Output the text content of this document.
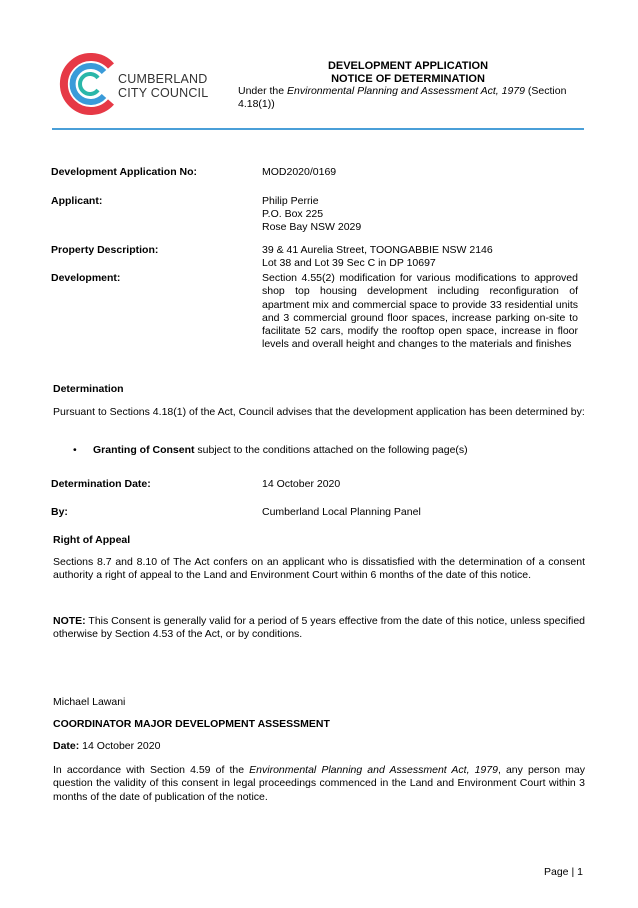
CUMBERLAND
CITY COUNCIL
DEVELOPMENT APPLICATION
NOTICE OF DETERMINATION
Under the Environmental Planning and Assessment Act, 1979 (Section 4.18(1))
Development Application No:	MOD2020/0169
Applicant:	Philip Perrie
P.O. Box 225
Rose Bay NSW 2029
Property Description:	39 & 41 Aurelia Street, TOONGABBIE NSW 2146
Lot 38 and Lot 39 Sec C in DP 10697
Development:	Section 4.55(2) modification for various modifications to approved shop top housing development including reconfiguration of apartment mix and commercial space to provide 33 residential units and 3 commercial ground floor spaces, increase parking on-site to facilitate 52 cars, modify the rooftop open space, increase in floor levels and overall height and changes to the materials and finishes
Determination
Pursuant to Sections 4.18(1) of the Act, Council advises that the development application has been determined by:
• Granting of Consent subject to the conditions attached on the following page(s)
Determination Date:	14 October 2020
By:	Cumberland Local Planning Panel
Right of Appeal
Sections 8.7 and 8.10 of The Act confers on an applicant who is dissatisfied with the determination of a consent authority a right of appeal to the Land and Environment Court within 6 months of the date of this notice.
NOTE: This Consent is generally valid for a period of 5 years effective from the date of this notice, unless specified otherwise by Section 4.53 of the Act, or by conditions.
Michael Lawani
COORDINATOR MAJOR DEVELOPMENT ASSESSMENT
Date: 14 October 2020
In accordance with Section 4.59 of the Environmental Planning and Assessment Act, 1979, any person may question the validity of this consent in legal proceedings commenced in the Land and Environment Court within 3 months of the date of publication of the notice.
Page | 1
